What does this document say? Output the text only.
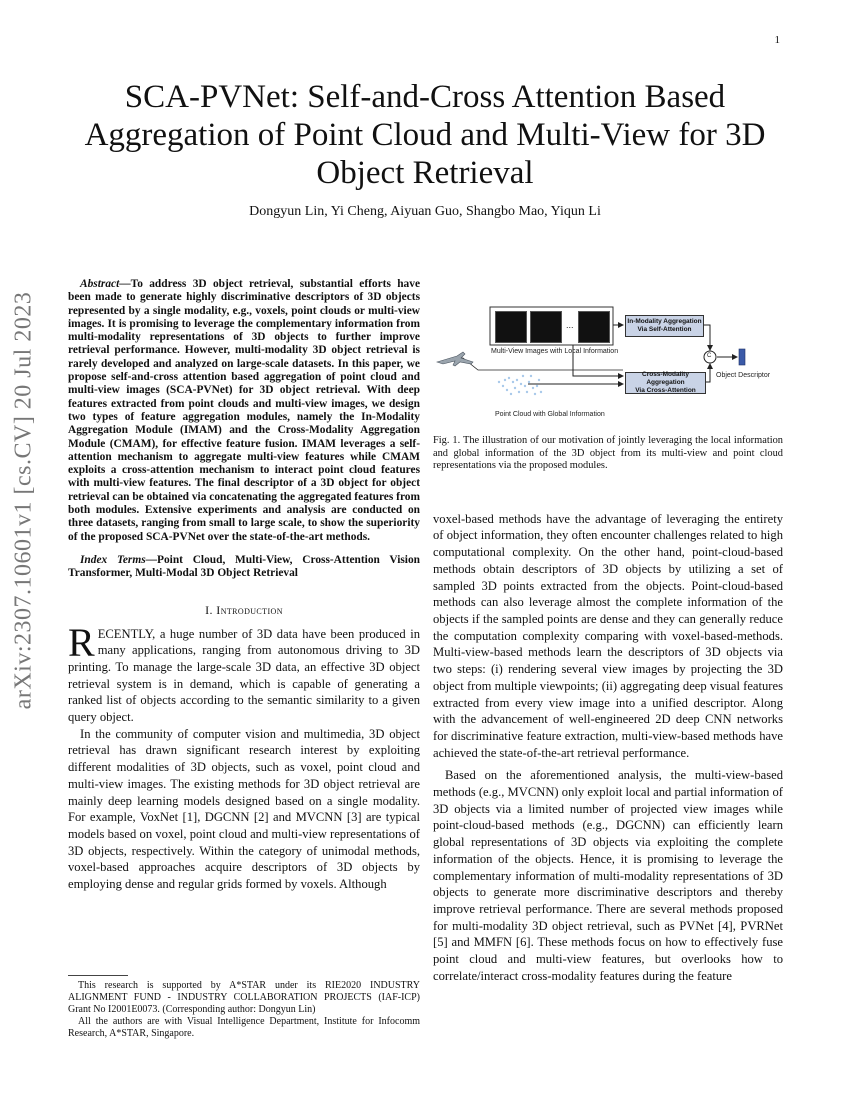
1
arXiv:2307.10601v1 [cs.CV] 20 Jul 2023
SCA-PVNet: Self-and-Cross Attention Based Aggregation of Point Cloud and Multi-View for 3D Object Retrieval
Dongyun Lin, Yi Cheng, Aiyuan Guo, Shangbo Mao, Yiqun Li

Abstract—To address 3D object retrieval, substantial efforts have been made to generate highly discriminative descriptors of 3D objects represented by a single modality, e.g., voxels, point clouds or multi-view images. It is promising to leverage the complementary information from multi-modality representations of 3D objects to further improve retrieval performance. However, multi-modality 3D object retrieval is rarely developed and analyzed on large-scale datasets. In this paper, we propose self-and-cross attention based aggregation of point cloud and multi-view images (SCA-PVNet) for 3D object retrieval. With deep features extracted from point clouds and multi-view images, we design two types of feature aggregation modules, namely the In-Modality Aggregation Module (IMAM) and the Cross-Modality Aggregation Module (CMAM), for effective feature fusion. IMAM leverages a self-attention mechanism to aggregate multi-view features while CMAM exploits a cross-attention mechanism to interact point cloud features with multi-view features. The final descriptor of a 3D object for object retrieval can be obtained via concatenating the aggregated features from both modules. Extensive experiments and analysis are conducted on three datasets, ranging from small to large scale, to show the superiority of the proposed SCA-PVNet over the state-of-the-art methods.

Index Terms—Point Cloud, Multi-View, Cross-Attention Vision Transformer, Multi-Modal 3D Object Retrieval

I. Introduction

RECENTLY, a huge number of 3D data have been produced in many applications, ranging from autonomous driving to 3D printing. To manage the large-scale 3D data, an effective 3D object retrieval system is in demand, which is capable of generating a ranked list of objects according to the semantic similarity to a given query object.

In the community of computer vision and multimedia, 3D object retrieval has drawn significant research interest by exploiting different modalities of 3D objects, such as voxel, point cloud and multi-view images. The existing methods for 3D object retrieval are mainly deep learning models designed based on a single modality. For example, VoxNet [1], DGCNN [2] and MVCNN [3] are typical models based on voxel, point cloud and multi-view representations of 3D objects, respectively. Within the category of unimodal methods, voxel-based approaches acquire descriptors of 3D objects by employing dense and regular grids formed by voxels. Although

This research is supported by A*STAR under its RIE2020 INDUSTRY ALIGNMENT FUND - INDUSTRY COLLABORATION PROJECTS (IAF-ICP) Grant No I2001E0073. (Corresponding author: Dongyun Lin)

All the authors are with Visual Intelligence Department, Institute for Infocomm Research, A*STAR, Singapore.

...	In-Modality Aggregation
Via Self-Attention
Cross-Modality Aggregation
Via Cross-Attention
C
Multi-View Images with Local Information
Point Cloud with Global Information
Object Descriptor

Fig. 1. The illustration of our motivation of jointly leveraging the local information and global information of the 3D object from its multi-view and point cloud representations via the proposed modules.

voxel-based methods have the advantage of leveraging the entirety of object information, they often encounter challenges related to high computational complexity. On the other hand, point-cloud-based methods obtain descriptors of 3D objects by utilizing a set of sampled 3D points extracted from the objects. Point-cloud-based methods can also leverage almost the complete information of the objects if the sampled points are dense and they can generally reduce the computation complexity comparing with voxel-based-methods. Multi-view-based methods learn the descriptors of 3D objects via two steps: (i) rendering several view images by projecting the 3D object from multiple viewpoints; (ii) aggregating deep visual features extracted from every view image into a unified descriptor. Along with the advancement of well-engineered 2D deep CNN networks for discriminative feature extraction, multi-view-based methods have achieved the state-of-the-art retrieval performance.

Based on the aforementioned analysis, the multi-view-based methods (e.g., MVCNN) only exploit local and partial information of 3D objects via a limited number of projected view images while point-cloud-based methods (e.g., DGCNN) can efficiently learn global representations of 3D objects via exploiting the complete information of the objects. Hence, it is promising to leverage the complementary information of multi-modality representations of 3D objects to generate more discriminative descriptors and thereby improve retrieval performance. There are several methods proposed for multi-modality 3D object retrieval, such as PVNet [4], PVRNet [5] and MMFN [6]. These methods focus on how to effectively fuse point cloud and multi-view features, but overlooks how to correlate/interact cross-modality features during the feature
